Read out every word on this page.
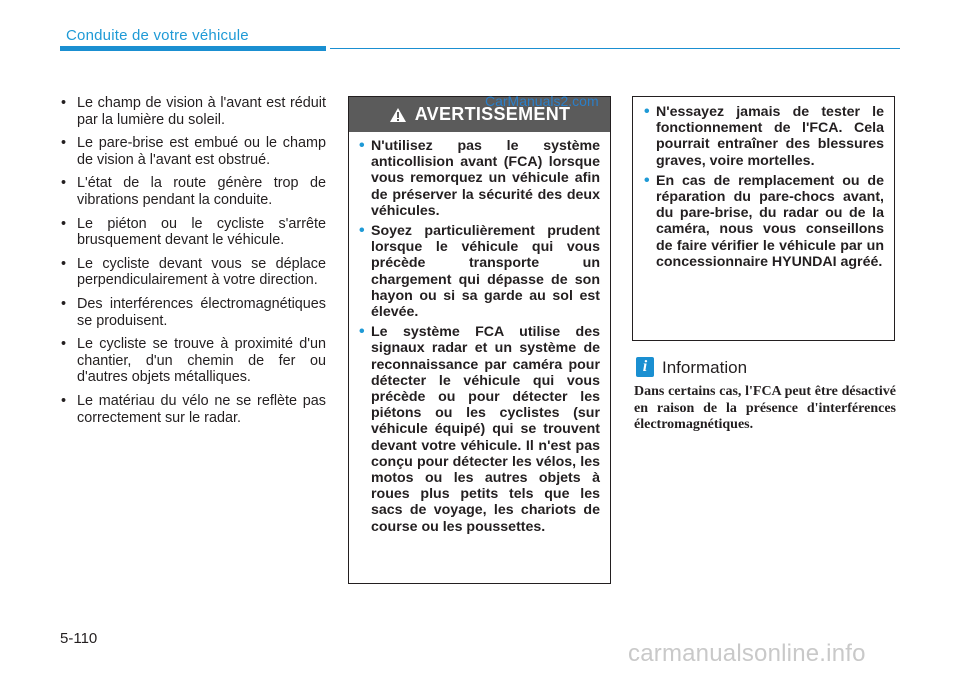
Conduite de votre véhicule
• Le champ de vision à l'avant est réduit par la lumière du soleil.
• Le pare-brise est embué ou le champ de vision à l'avant est obstrué.
• L'état de la route génère trop de vibrations pendant la conduite.
• Le piéton ou le cycliste s'arrête brusquement devant le véhicule.
• Le cycliste devant vous se déplace perpendiculairement à votre direction.
• Des interférences électromagnétiques se produisent.
• Le cycliste se trouve à proximité d'un chantier, d'un chemin de fer ou d'autres objets métalliques.
• Le matériau du vélo ne se reflète pas correctement sur le radar.
AVERTISSEMENT
• N'utilisez pas le système anticollision avant (FCA) lorsque vous remorquez un véhicule afin de préserver la sécurité des deux véhicules.
• Soyez particulièrement prudent lorsque le véhicule qui vous précède transporte un chargement qui dépasse de son hayon ou si sa garde au sol est élevée.
• Le système FCA utilise des signaux radar et un système de reconnaissance par caméra pour détecter le véhicule qui vous précède ou pour détecter les piétons ou les cyclistes (sur véhicule équipé) qui se trouvent devant votre véhicule. Il n'est pas conçu pour détecter les vélos, les motos ou les autres objets à roues plus petits tels que les sacs de voyage, les chariots de course ou les poussettes.
CarManuals2.com
• N'essayez jamais de tester le fonctionnement de l'FCA. Cela pourrait entraîner des blessures graves, voire mortelles.
• En cas de remplacement ou de réparation du pare-chocs avant, du pare-brise, du radar ou de la caméra, nous vous conseillons de faire vérifier le véhicule par un concessionnaire HYUNDAI agréé.
i Information

Dans certains cas, l'FCA peut être désactivé en raison de la présence d'interférences électromagnétiques.

5-110
carmanualsonline.info
